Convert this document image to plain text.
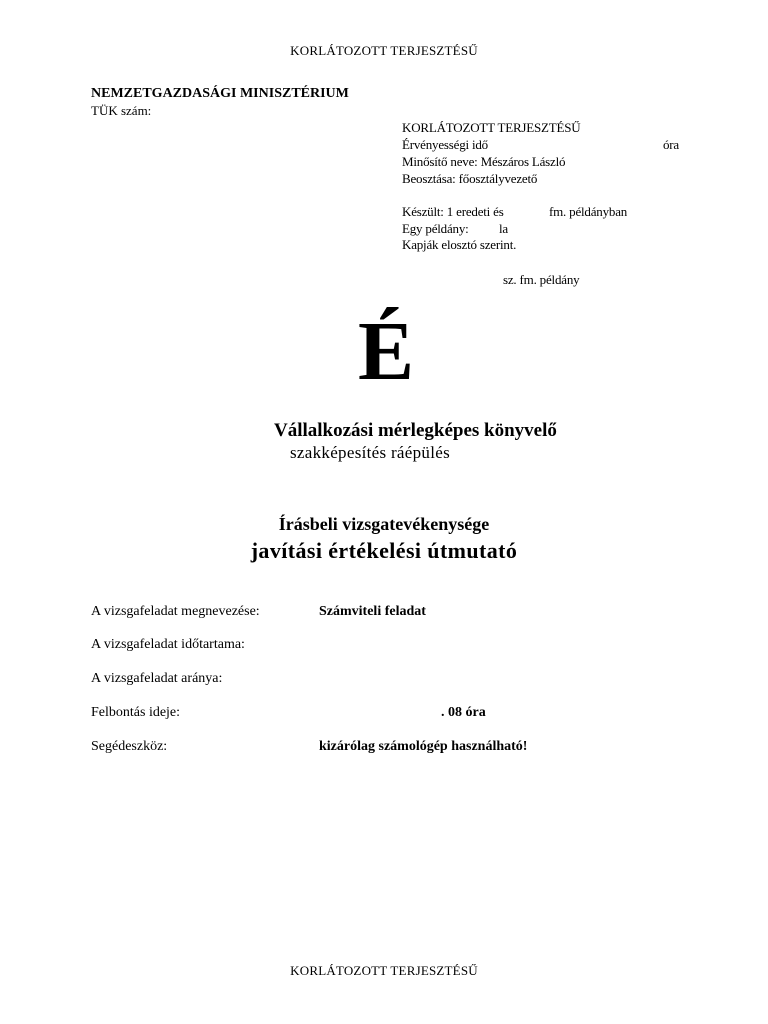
KORLÁTOZOTT TERJESZTÉSŰ
NEMZETGAZDASÁGI MINISZTÉRIUM
TÜK szám:
KORLÁTOZOTT TERJESZTÉSŰ
Érvényességi idő	óra
Minősítő neve: Mészáros László
Beosztása: főosztályvezető
Készült: 1 eredeti és	fm. példányban
Egy példány: la
Kapják elosztó szerint.
sz. fm. példány
É
Vállalkozási mérlegképes könyvelő
szakképesítés ráépülés
Írásbeli vizsgatevékenysége
javítási értékelési útmutató
A vizsgafeladat megnevezése:	Számviteli feladat
A vizsgafeladat időtartama:
A vizsgafeladat aránya:
Felbontás ideje:	. 08 óra
Segédeszköz:	kizárólag számológép használható!
KORLÁTOZOTT TERJESZTÉSŰ
